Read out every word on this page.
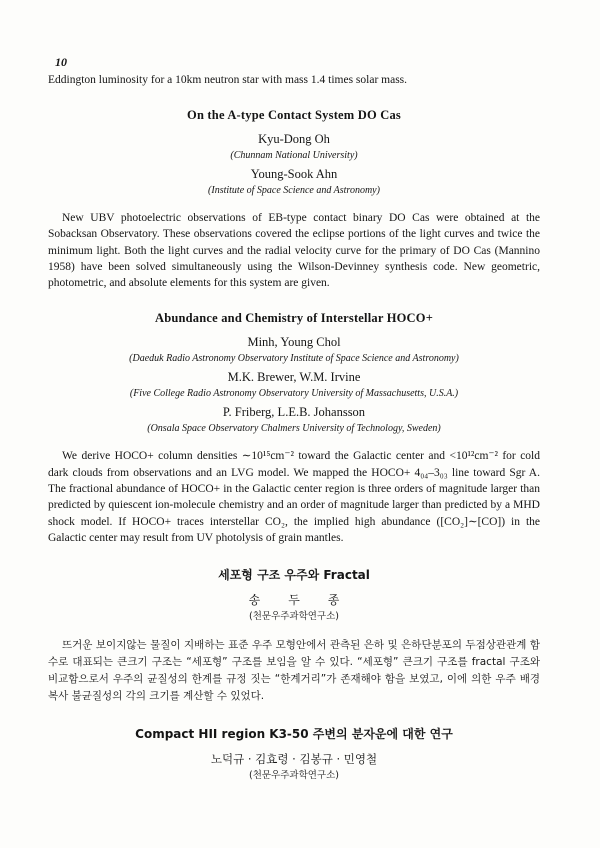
10
Eddington luminosity for a 10km neutron star with mass 1.4 times solar mass.
On the A-type Contact System DO Cas
Kyu-Dong Oh
(Chunnam National University)
Young-Sook Ahn
(Institute of Space Science and Astronomy)
New UBV photoelectric observations of EB-type contact binary DO Cas were obtained at the Sobacksan Observatory. These observations covered the eclipse portions of the light curves and twice the minimum light. Both the light curves and the radial velocity curve for the primary of DO Cas (Mannino 1958) have been solved simultaneously using the Wilson-Devinney synthesis code. New geometric, photometric, and absolute elements for this system are given.
Abundance and Chemistry of Interstellar HOCO+
Minh, Young Chol
(Daeduk Radio Astronomy Observatory Institute of Space Science and Astronomy)
M.K. Brewer, W.M. Irvine
(Five College Radio Astronomy Observatory University of Massachusetts, U.S.A.)
P. Friberg, L.E.B. Johansson
(Onsala Space Observatory Chalmers University of Technology, Sweden)
We derive HOCO+ column densities ∼10¹⁵cm⁻² toward the Galactic center and <10¹²cm⁻² for cold dark clouds from observations and an LVG model. We mapped the HOCO+ 4₀₄–3₀₃ line toward Sgr A. The fractional abundance of HOCO+ in the Galactic center region is three orders of magnitude larger than predicted by quiescent ion-molecule chemistry and an order of magnitude larger than predicted by a MHD shock model. If HOCO+ traces interstellar CO₂, the implied high abundance ([CO₂]∼[CO]) in the Galactic center may result from UV photolysis of grain mantles.
세포형 구조 우주와 Fractal
송두종
(천문우주과학연구소)
뜨거운 보이지않는 물질이 지배하는 표준 우주 모형안에서 관측된 은하 및 은하단분포의 두점상관관계 함수로 대표되는 큰크기 구조는 “세포형” 구조를 보임을 알 수 있다. “세포형” 큰크기 구조를 fractal 구조와 비교함으로서 우주의 균질성의 한계를 규정 짓는 “한계거리”가 존재해야 함을 보였고, 이에 의한 우주 배경 복사 불균질성의 각의 크기를 계산할 수 있었다.
Compact HII region K3-50 주변의 분자운에 대한 연구
노덕규 · 김효령 · 김봉규 · 민영철
(천문우주과학연구소)
